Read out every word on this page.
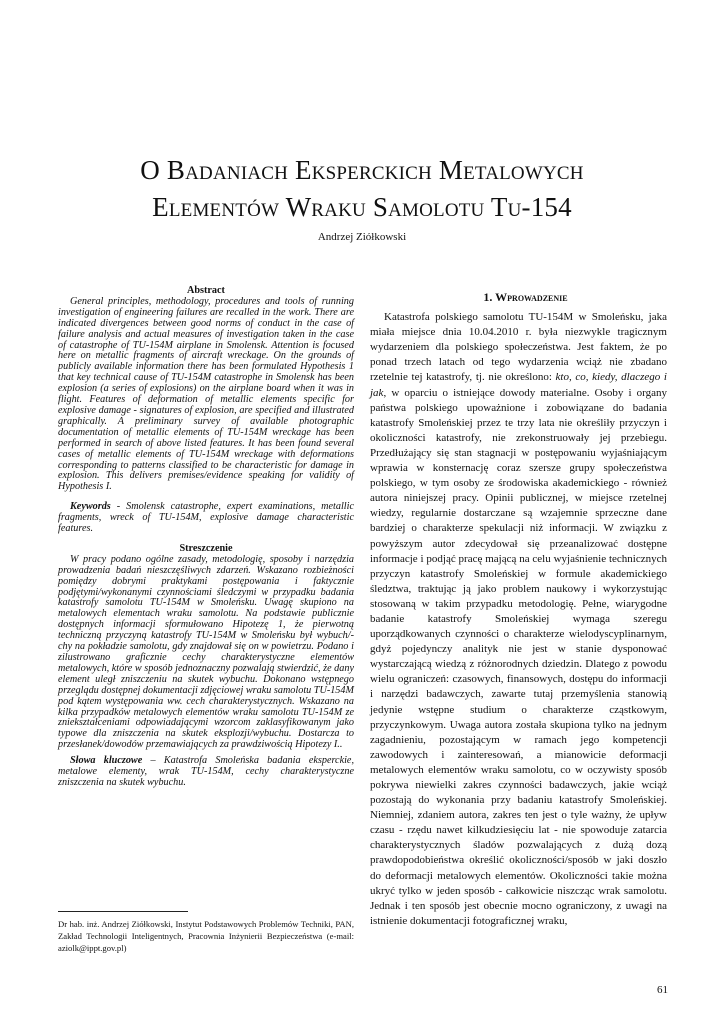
O Badaniach Eksperckich Metalowych
Elementów Wraku Samolotu Tu-154
Andrzej Ziółkowski

Abstract

General principles, methodology, procedures and tools of running investigation of engineering failures are recalled in the work. There are indicated divergences between good norms of conduct in the case of failure analysis and actual measures of investigation taken in the case of catastrophe of TU-154M airplane in Smolensk. Attention is focused here on metallic fragments of aircraft wreckage. On the grounds of publicly available information there has been formulated Hypothesis 1 that key technical cause of TU-154M catastrophe in Smolensk has been explosion (a series of explosions) on the airplane board when it was in flight. Features of deformation of metallic elements specific for explosive damage - signatures of explosion, are specified and illustrated graphically. A preliminary survey of available photographic documentation of metallic elements of TU-154M wreckage has been performed in search of above listed features. It has been found several cases of metallic elements of TU-154M wreckage with deformations corresponding to patterns classified to be characteristic for damage in explosion. This delivers premises/evidence speaking for validity of Hypothesis I.

Keywords - Smolensk catastrophe, expert examinations, metallic fragments, wreck of TU-154M, explosive damage characteristic features.

Streszczenie

W pracy podano ogólne zasady, metodologię, sposoby i narzędzia prowadzenia badań nieszczęśliwych zdarzeń. Wskazano rozbieżności pomiędzy dobrymi praktykami postępowania i faktycznie podjętymi/wykonanymi czynnościami śledczymi w przypadku badania katastrofy samolotu TU-154M w Smoleńsku. Uwagę skupiono na metalowych elementach wraku samolotu. Na podstawie publicznie dostępnych informacji sformułowano Hipotezę 1, że pierwotną techniczną przyczyną katastrofy TU-154M w Smoleńsku był wybuch/-chy na pokładzie samolotu, gdy znajdował się on w powietrzu. Podano i zilustrowano graficznie cechy charakterystyczne elementów metalowych, które w sposób jednoznaczny pozwalają stwierdzić, że dany element uległ zniszczeniu na skutek wybuchu. Dokonano wstępnego przeglądu dostępnej dokumentacji zdjęciowej wraku samolotu TU-154M pod kątem występowania ww. cech charakterystycznych. Wskazano na kilka przypadków metalowych elementów wraku samolotu TU-154M ze zniekształceniami odpowiadającymi wzorcom zaklasyfikowanym jako typowe dla zniszczenia na skutek eksplozji/wybuchu. Dostarcza to przesłanek/dowodów przemawiających za prawdziwością Hipotezy I..

Słowa kluczowe – Katastrofa Smoleńska badania eksperckie, metalowe elementy, wrak TU-154M, cechy charakterystyczne zniszczenia na skutek wybuchu.

1. Wprowadzenie

Katastrofa polskiego samolotu TU-154M w Smoleńsku, jaka miała miejsce dnia 10.04.2010 r. była niezwykle tragicznym wydarzeniem dla polskiego społeczeństwa. Jest faktem, że po ponad trzech latach od tego wydarzenia wciąż nie zbadano rzetelnie tej katastrofy, tj. nie określono: kto, co, kiedy, dlaczego i jak, w oparciu o istniejące dowody materialne. Osoby i organy państwa polskiego upoważnione i zobowiązane do badania katastrofy Smoleńskiej przez te trzy lata nie określiły przyczyn i okoliczności katastrofy, nie zrekonstruowały jej przebiegu. Przedłużający się stan stagnacji w postępowaniu wyjaśniającym wprawia w konsternację coraz szersze grupy społeczeństwa polskiego, w tym osoby ze środowiska akademickiego - również autora niniejszej pracy. Opinii publicznej, w miejsce rzetelnej wiedzy, regularnie dostarczane są wzajemnie sprzeczne dane bardziej o charakterze spekulacji niż informacji. W związku z powyższym autor zdecydował się przeanalizować dostępne informacje i podjąć pracę mającą na celu wyjaśnienie technicznych przyczyn katastrofy Smoleńskiej w formule akademickiego śledztwa, traktując ją jako problem naukowy i wykorzystując stosowaną w takim przypadku metodologię. Pełne, wiarygodne badanie katastrofy Smoleńskiej wymaga szeregu uporządkowanych czynności o charakterze wielodyscyplinarnym, gdyż pojedynczy analityk nie jest w stanie dysponować wystarczającą wiedzą z różnorodnych dziedzin. Dlatego z powodu wielu ograniczeń: czasowych, finansowych, dostępu do informacji i narzędzi badawczych, zawarte tutaj przemyślenia stanowią jedynie wstępne studium o charakterze cząstkowym, przyczynkowym. Uwaga autora została skupiona tylko na jednym zagadnieniu, pozostającym w ramach jego kompetencji zawodowych i zainteresowań, a mianowicie deformacji metalowych elementów wraku samolotu, co w oczywisty sposób pokrywa niewielki zakres czynności badawczych, jakie wciąż pozostają do wykonania przy badaniu katastrofy Smoleńskiej. Niemniej, zdaniem autora, zakres ten jest o tyle ważny, że upływ czasu - rzędu nawet kilkudziesięciu lat - nie spowoduje zatarcia charakterystycznych śladów pozwalających z dużą dozą prawdopodobieństwa określić okoliczności/sposób w jaki doszło do deformacji metalowych elementów. Okoliczności takie można ukryć tylko w jeden sposób - całkowicie niszcząc wrak samolotu. Jednak i ten sposób jest obecnie mocno ograniczony, z uwagi na istnienie dokumentacji fotograficznej wraku,

Dr hab. inż. Andrzej Ziółkowski, Instytut Podstawowych Problemów Techniki, PAN, Zakład Technologii Inteligentnych, Pracownia Inżynierii Bezpieczeństwa (e-mail: aziolk@ippt.gov.pl)
61
